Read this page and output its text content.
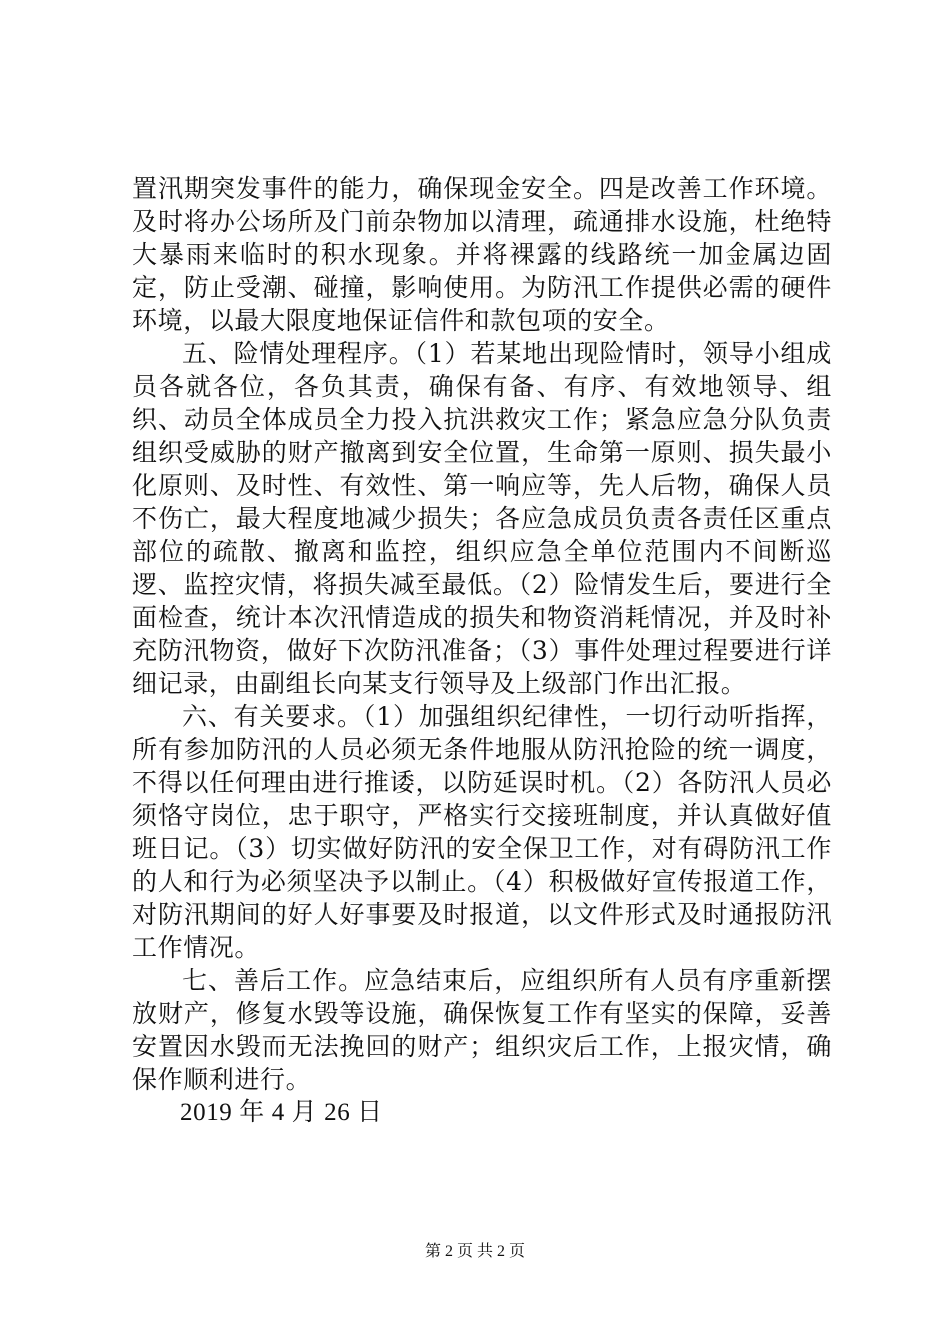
置汛期突发事件的能力，确保现金安全。四是改善工作环境。及时将办公场所及门前杂物加以清理，疏通排水设施，杜绝特大暴雨来临时的积水现象。并将裸露的线路统一加金属边固定，防止受潮、碰撞，影响使用。为防汛工作提供必需的硬件环境，以最大限度地保证信件和款包项的安全。

五、险情处理程序。（1）若某地出现险情时，领导小组成员各就各位，各负其责，确保有备、有序、有效地领导、组织、动员全体成员全力投入抗洪救灾工作；紧急应急分队负责组织受威胁的财产撤离到安全位置，生命第一原则、损失最小化原则、及时性、有效性、第一响应等，先人后物，确保人员不伤亡，最大程度地减少损失；各应急成员负责各责任区重点部位的疏散、撤离和监控，组织应急全单位范围内不间断巡逻、监控灾情，将损失减至最低。（2）险情发生后，要进行全面检查，统计本次汛情造成的损失和物资消耗情况，并及时补充防汛物资，做好下次防汛准备；（3）事件处理过程要进行详细记录，由副组长向某支行领导及上级部门作出汇报。

六、有关要求。（1）加强组织纪律性，一切行动听指挥，所有参加防汛的人员必须无条件地服从防汛抢险的统一调度，不得以任何理由进行推诿，以防延误时机。（2）各防汛人员必须恪守岗位，忠于职守，严格实行交接班制度，并认真做好值班日记。（3）切实做好防汛的安全保卫工作，对有碍防汛工作的人和行为必须坚决予以制止。（4）积极做好宣传报道工作，对防汛期间的好人好事要及时报道，以文件形式及时通报防汛工作情况。

七、善后工作。应急结束后，应组织所有人员有序重新摆放财产，修复水毁等设施，确保恢复工作有坚实的保障，妥善安置因水毁而无法挽回的财产；组织灾后工作，上报灾情，确保作顺利进行。

2019 年 4 月 26 日

第 2 页 共 2 页
